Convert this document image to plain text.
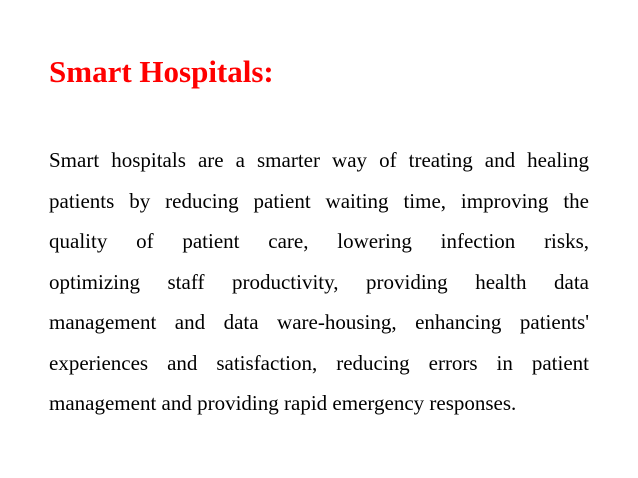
Smart Hospitals:
Smart hospitals are a smarter way of treating and healing
patients by reducing patient waiting time, improving the
quality of patient care, lowering infection risks,
optimizing staff productivity, providing health data
management and data ware-housing, enhancing patients'
experiences and satisfaction, reducing errors in patient
management and providing rapid emergency responses.
